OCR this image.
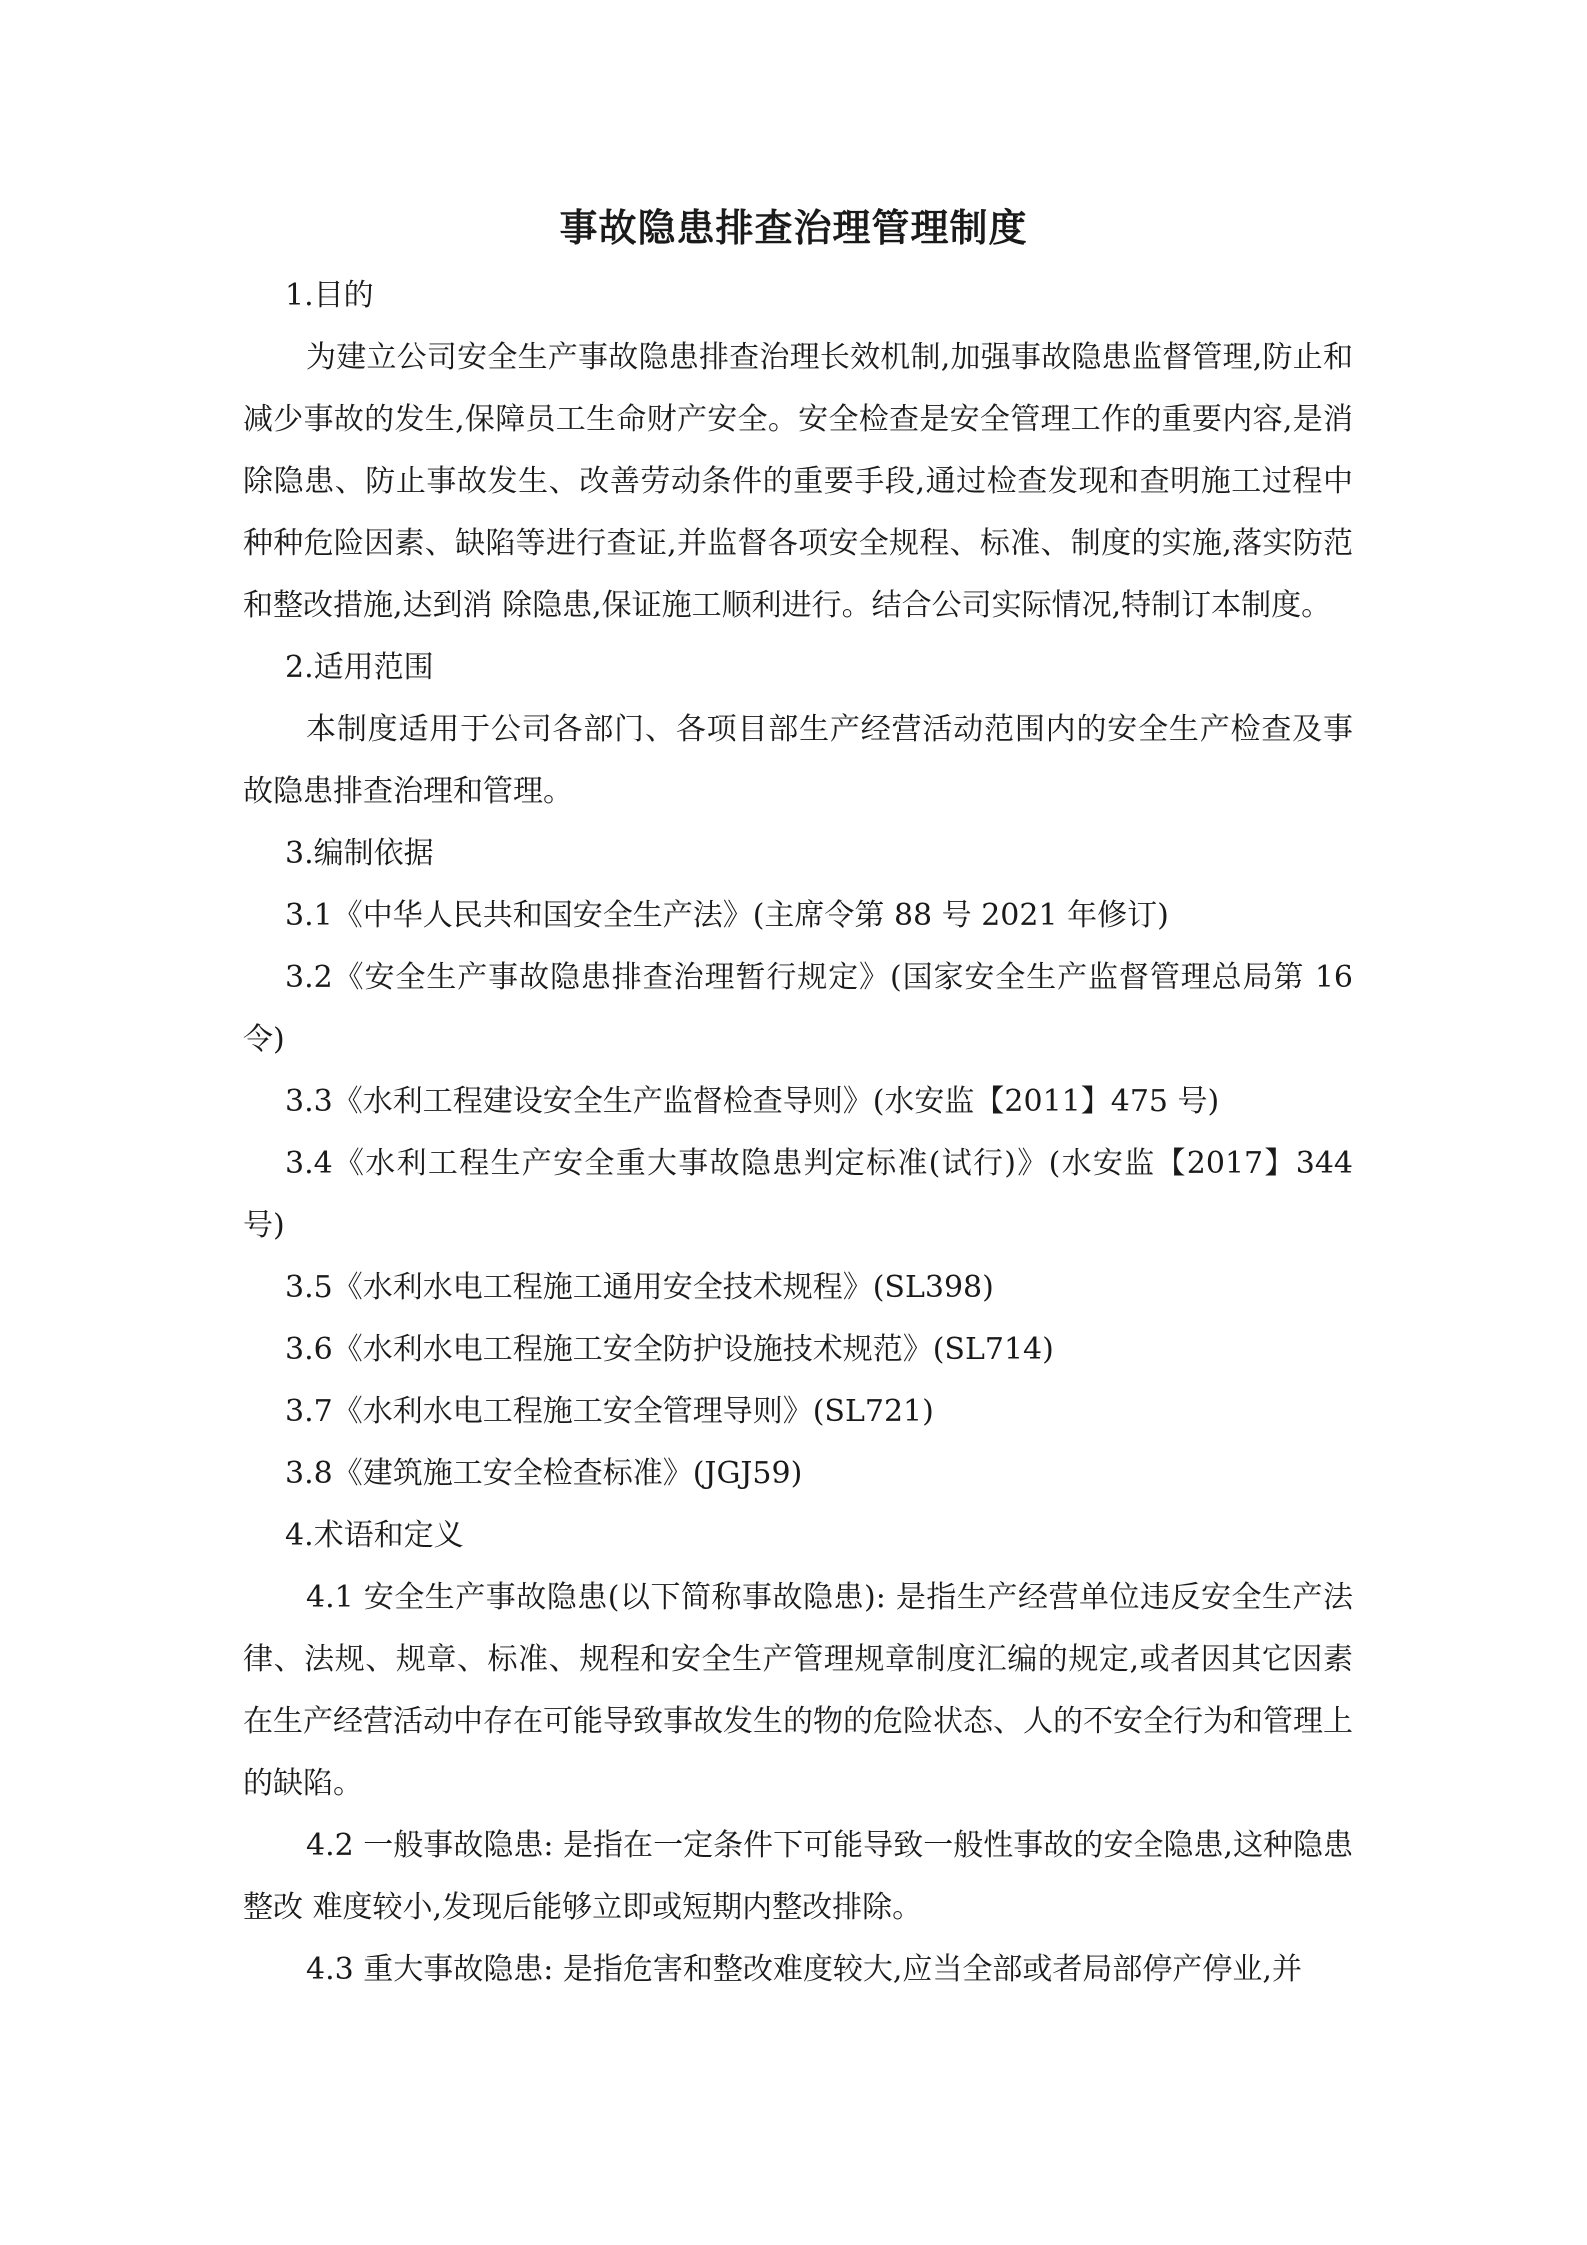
事故隐患排查治理管理制度

1.目的

为建立公司安全生产事故隐患排查治理长效机制,加强事故隐患监督管理,防止和减少事故的发生,保障员工生命财产安全。安全检查是安全管理工作的重要内容,是消除隐患、防止事故发生、改善劳动条件的重要手段,通过检查发现和查明施工过程中种种危险因素、缺陷等进行查证,并监督各项安全规程、标准、制度的实施,落实防范和整改措施,达到消 除隐患,保证施工顺利进行。结合公司实际情况,特制订本制度。

2.适用范围

本制度适用于公司各部门、各项目部生产经营活动范围内的安全生产检查及事故隐患排查治理和管理。

3.编制依据

3.1《中华人民共和国安全生产法》(主席令第 88 号 2021 年修订)

3.2《安全生产事故隐患排查治理暂行规定》(国家安全生产监督管理总局第 16 令)

3.3《水利工程建设安全生产监督检查导则》(水安监【2011】475 号)

3.4《水利工程生产安全重大事故隐患判定标准(试行)》(水安监【2017】344 号)

3.5《水利水电工程施工通用安全技术规程》(SL398)

3.6《水利水电工程施工安全防护设施技术规范》(SL714)

3.7《水利水电工程施工安全管理导则》(SL721)

3.8《建筑施工安全检查标准》(JGJ59)

4.术语和定义

4.1 安全生产事故隐患(以下简称事故隐患): 是指生产经营单位违反安全生产法律、法规、规章、标准、规程和安全生产管理规章制度汇编的规定,或者因其它因素在生产经营活动中存在可能导致事故发生的物的危险状态、人的不安全行为和管理上的缺陷。

4.2 一般事故隐患: 是指在一定条件下可能导致一般性事故的安全隐患,这种隐患整改 难度较小,发现后能够立即或短期内整改排除。

4.3 重大事故隐患: 是指危害和整改难度较大,应当全部或者局部停产停业,并
